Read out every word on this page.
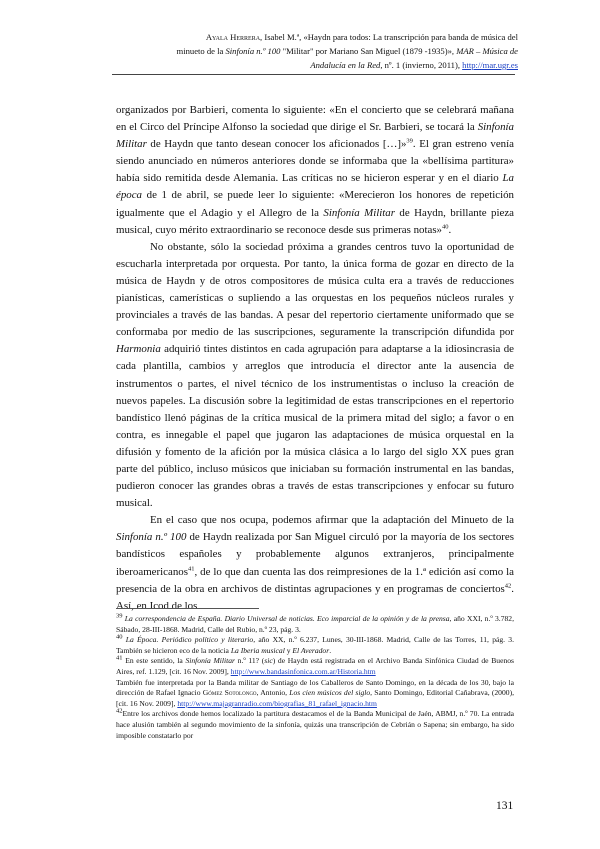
Ayala Herrera, Isabel M.ª, «Haydn para todos: La transcripción para banda de música del
minueto de la Sinfonía n.º 100 "Militar" por Mariano San Miguel (1879 -1935)», MAR – Música de
Andalucía en la Red, nº. 1 (invierno, 2011), http://mar.ugr.es

organizados por Barbieri, comenta lo siguiente: «En el concierto que se celebrará mañana en el Circo del Príncipe Alfonso la sociedad que dirige el Sr. Barbieri, se tocará la Sinfonía Militar de Haydn que tanto desean conocer los aficionados […]»$^{39}$. El gran estreno venía siendo anunciado en números anteriores donde se informaba que la «bellísima partitura» había sido remitida desde Alemania. Las críticas no se hicieron esperar y en el diario La época de 1 de abril, se puede leer lo siguiente: «Merecieron los honores de repetición igualmente que el Adagio y el Allegro de la Sinfonía Militar de Haydn, brillante pieza musical, cuyo mérito extraordinario se reconoce desde sus primeras notas»$^{40}$.

No obstante, sólo la sociedad próxima a grandes centros tuvo la oportunidad de escucharla interpretada por orquesta. Por tanto, la única forma de gozar en directo de la música de Haydn y de otros compositores de música culta era a través de reducciones pianísticas, camerísticas o supliendo a las orquestas en los pequeños núcleos rurales y provinciales a través de las bandas. A pesar del repertorio ciertamente uniformado que se conformaba por medio de las suscripciones, seguramente la transcripción difundida por Harmonia adquirió tintes distintos en cada agrupación para adaptarse a la idiosincrasia de cada plantilla, cambios y arreglos que introducía el director ante la ausencia de instrumentos o partes, el nivel técnico de los instrumentistas o incluso la creación de nuevos papeles. La discusión sobre la legitimidad de estas transcripciones en el repertorio bandístico llenó páginas de la crítica musical de la primera mitad del siglo; a favor o en contra, es innegable el papel que jugaron las adaptaciones de música orquestal en la difusión y fomento de la afición por la música clásica a lo largo del siglo XX pues gran parte del público, incluso músicos que iniciaban su formación instrumental en las bandas, pudieron conocer las grandes obras a través de estas transcripciones y enfocar su futuro musical.

En el caso que nos ocupa, podemos afirmar que la adaptación del Minueto de la Sinfonía n.º 100 de Haydn realizada por San Miguel circuló por la mayoría de los sectores bandísticos españoles y probablemente algunos extranjeros, principalmente iberoamericanos$^{41}$, de lo que dan cuenta las dos reimpresiones de la 1.ª edición así como la presencia de la obra en archivos de distintas agrupaciones y en programas de conciertos$^{42}$. Así, en Icod de los

$^{39}$ La correspondencia de España. Diario Universal de noticias. Eco imparcial de la opinión y de la prensa, año XXI, n.º 3.782, Sábado, 28-III-1868. Madrid, Calle del Rubio, n.º 23, pág. 3.

$^{40}$ La Época. Periódico político y literario, año XX, n.º 6.237, Lunes, 30-III-1868. Madrid, Calle de las Torres, 11, pág. 3. También se hicieron eco de la noticia La Iberia musical y El Averador.

$^{41}$ En este sentido, la Sinfonía Militar n.º 11? (sic) de Haydn está registrada en el Archivo Banda Sinfónica Ciudad de Buenos Aires, ref. 1.129, [cit. 16 Nov. 2009], http://www.bandasinfonica.com.ar/Historia.htm

También fue interpretada por la Banda militar de Santiago de los Caballeros de Santo Domingo, en la década de los 30, bajo la dirección de Rafael Ignacio Gómez Sotolongo, Antonio, Los cien músicos del siglo, Santo Domingo, Editorial Cañabrava, (2000), [cit. 16 Nov. 2009], http://www.majagranradio.com/biografias_81_rafael_ignacio.htm

$^{42}$Entre los archivos donde hemos localizado la partitura destacamos el de la Banda Municipal de Jaén, ABMJ, n.º 70. La entrada hace alusión también al segundo movimiento de la sinfonía, quizás una transcripción de Cebrián o Sapena; sin embargo, ha sido imposible constatarlo por

131
